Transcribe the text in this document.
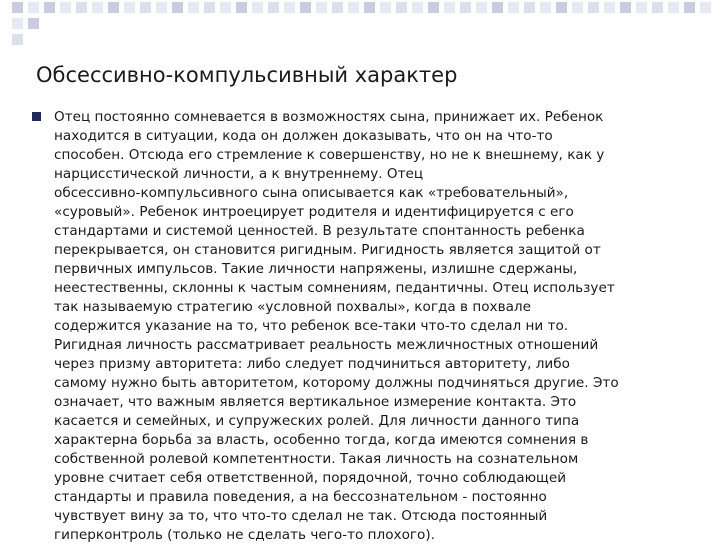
Обсессивно-компульсивный характер

Отец постоянно сомневается в возможностях сына, принижает их. Ребенок
находится в ситуации, кода он должен доказывать, что он на что-то
способен. Отсюда его стремление к совершенству, но не к внешнему, как у
нарциcстической личности, а к внутреннему. Отец
обсессивно-компульсивного сына описывается как «требовательный»,
«суровый». Ребенок интроецирует родителя и идентифицируется с его
стандартами и системой ценностей. В результате спонтанность ребенка
перекрывается, он становится ригидным. Ригидность является защитой от
первичных импульсов. Такие личности напряжены, излишне сдержаны,
неестественны, склонны к частым сомнениям, педантичны. Отец использует
так называемую стратегию «условной похвалы», когда в похвале
содержится указание на то, что ребенок все-таки что-то сделал ни то.
Ригидная личность рассматривает реальность межличностных отношений
через призму авторитета: либо следует подчиниться авторитету, либо
самому нужно быть авторитетом, которому должны подчиняться другие. Это
означает, что важным является вертикальное измерение контакта. Это
касается и семейных, и супружеских ролей. Для личности данного типа
характерна борьба за власть, особенно тогда, когда имеются сомнения в
собственной ролевой компетентности. Такая личность на сознательном
уровне считает себя ответственной, порядочной, точно соблюдающей
стандарты и правила поведения, а на бессознательном - постоянно
чувствует вину за то, что что-то сделал не так. Отсюда постоянный
гиперконтроль (только не сделать чего-то плохого).
